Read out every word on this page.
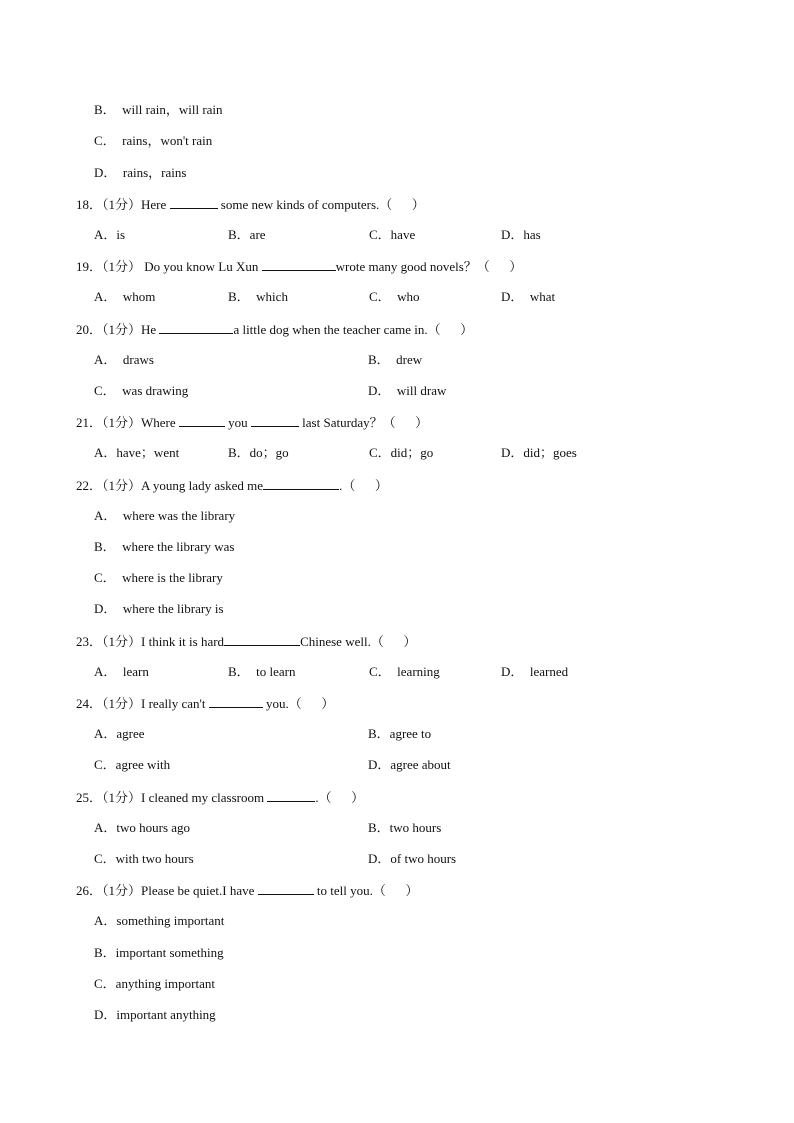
B．  will rain，will rain
C．  rains，won't rain
D．  rains，rains
18．（1分）Here	some new kinds of computers.（      ）
A．is	B．are	C．have	D．has
19．（1分） Do you know Lu Xun	wrote many good novels？（      ）
A．  whom	B．  which	C．  who	D．  what
20．（1分）He	a little dog when the teacher came in.（      ）
A．  draws	B．  drew
C．  was drawing	D．  will draw
21．（1分）Where	you	last Saturday？（      ）
A．have；went	B．do；go	C．did；go	D．did；goes
22．（1分）A young lady asked me	.（      ）
A．  where was the library
B．  where the library was
C．  where is the library
D．  where the library is
23．（1分）I think it is hard	Chinese well.（      ）
A．  learn	B．  to learn	C．  learning	D．  learned
24．（1分）I really can't	you.（      ）
A．agree	B．agree to
C．agree with	D．agree about
25．（1分）I cleaned my classroom	.（      ）
A．two hours ago	B．two hours
C．with two hours	D．of two hours
26．（1分）Please be quiet.I have	to tell you.（      ）
A．something important
B．important something
C．anything important
D．important anything
